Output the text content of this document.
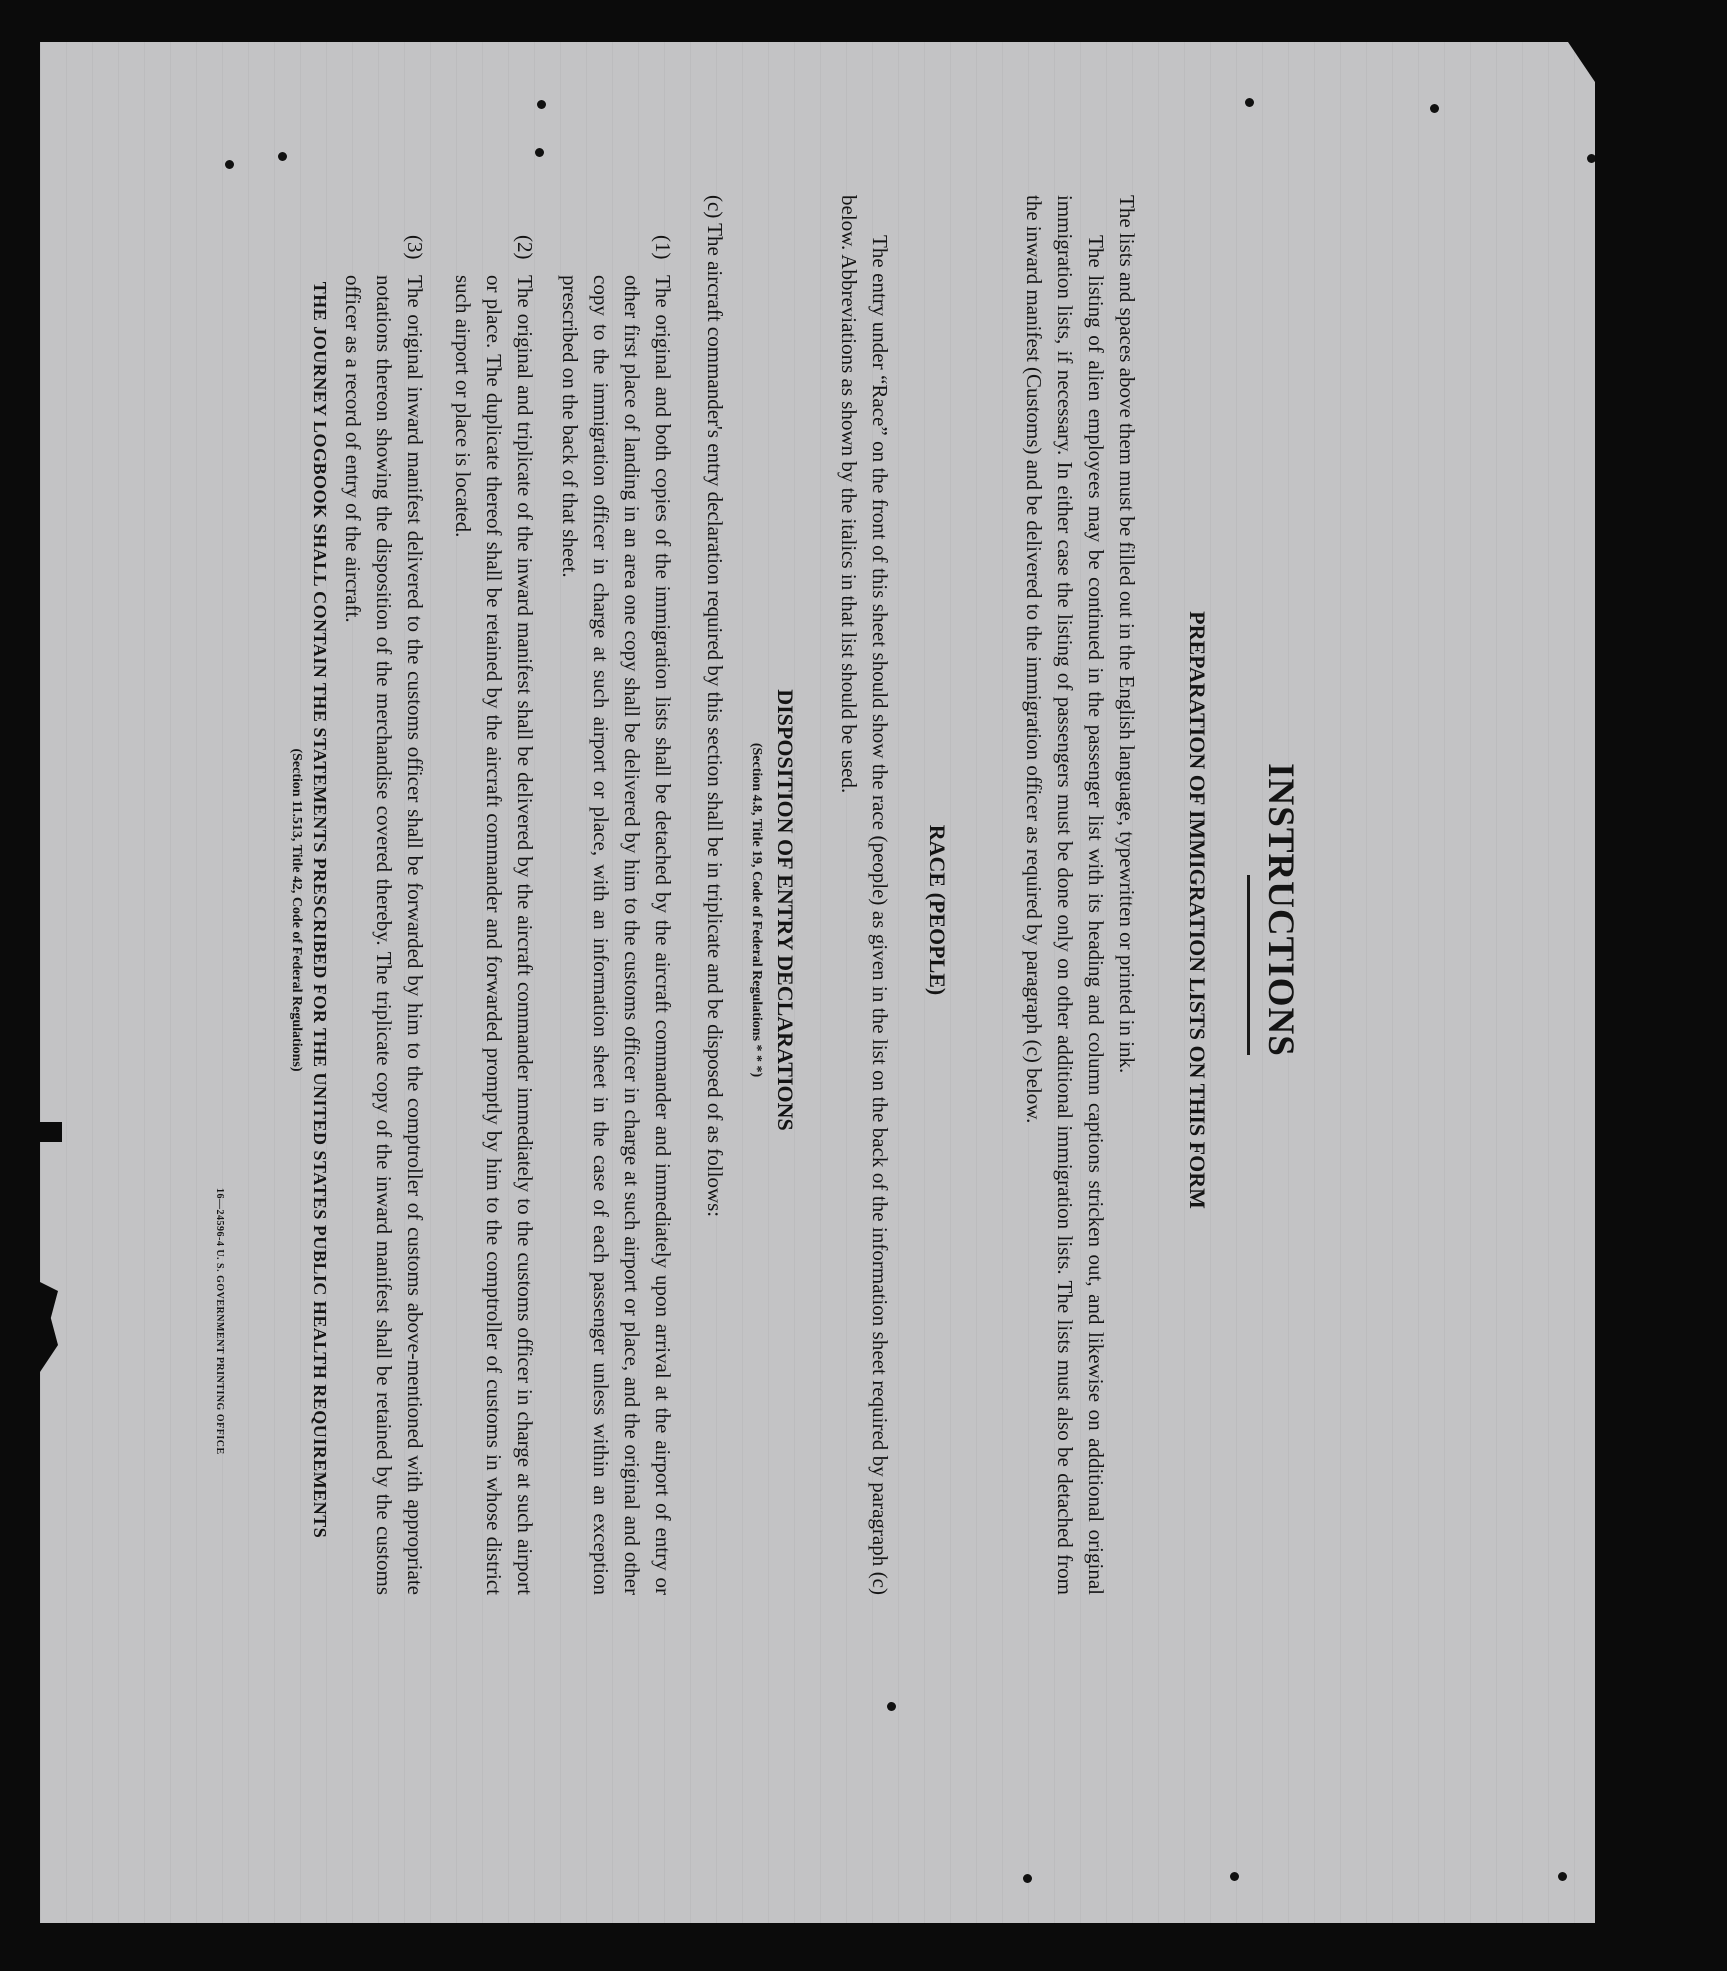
INSTRUCTIONS
PREPARATION OF IMMIGRATION LISTS ON THIS FORM

The lists and spaces above them must be filled out in the English language, typewritten or printed in ink.

The listing of alien employees may be continued in the passenger list with its heading and column captions stricken out, and likewise on additional original immigration lists, if necessary. In either case the listing of passengers must be done only on other additional immigration lists. The lists must also be detached from the inward manifest (Customs) and be delivered to the immigration officer as required by paragraph (c) below.

RACE (PEOPLE)

The entry under “Race” on the front of this sheet should show the race (people) as given in the list on the back of the information sheet required by paragraph (c) below. Abbreviations as shown by the italics in that list should be used.

DISPOSITION OF ENTRY DECLARATIONS
(Section 4.8, Title 19, Code of Federal Regulations * * *)

(c) The aircraft commander's entry declaration required by this section shall be in triplicate and be disposed of as follows:

(1)

The original and both copies of the immigration lists shall be detached by the aircraft commander and immediately upon arrival at the airport of entry or other first place of landing in an area one copy shall be delivered by him to the customs officer in charge at such airport or place, and the original and other copy to the immigration officer in charge at such airport or place, with an information sheet in the case of each passenger unless within an exception prescribed on the back of that sheet.

(2)

The original and triplicate of the inward manifest shall be delivered by the aircraft commander immediately to the customs officer in charge at such airport or place. The duplicate thereof shall be retained by the aircraft commander and forwarded promptly by him to the comptroller of customs in whose district such airport or place is located.

(3)

The original inward manifest delivered to the customs officer shall be forwarded by him to the comptroller of customs above-mentioned with appropriate notations thereon showing the disposition of the merchandise covered thereby. The triplicate copy of the inward manifest shall be retained by the customs officer as a record of entry of the aircraft.

THE JOURNEY LOGBOOK SHALL CONTAIN THE STATEMENTS PRESCRIBED FOR THE UNITED STATES PUBLIC HEALTH REQUIREMENTS

(Section 11.513, Title 42, Code of Federal Regulations)

16—24596-4 U. S. GOVERNMENT PRINTING OFFICE
